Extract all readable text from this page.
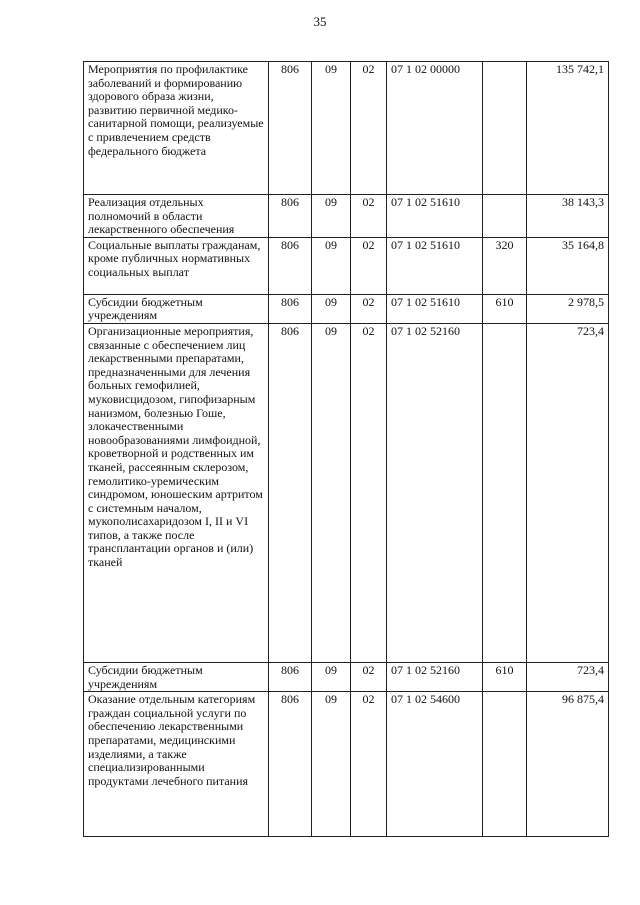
35
Мероприятия по профилактике заболеваний и формированию здорового образа жизни, развитию первичной медико-санитарной помощи, реализуемые с привлечением средств федерального бюджета	806	09	02	07 1 02 00000		135 742,1
Реализация отдельных полномочий в области лекарственного обеспечения	806	09	02	07 1 02 51610		38 143,3
Социальные выплаты гражданам, кроме публичных нормативных социальных выплат	806	09	02	07 1 02 51610	320	35 164,8
Субсидии бюджетным учреждениям	806	09	02	07 1 02 51610	610	2 978,5
Организационные мероприятия, связанные с обеспечением лиц лекарственными препаратами, предназначенными для лечения больных гемофилией, муковисцидозом, гипофизарным нанизмом, болезнью Гоше, злокачественными новообразованиями лимфоидной, кроветворной и родственных им тканей, рассеянным склерозом, гемолитико-уремическим синдромом, юношеским артритом с системным началом, мукополисахаридозом I, II и VI типов, а также после трансплантации органов и (или) тканей	806	09	02	07 1 02 52160		723,4
Субсидии бюджетным учреждениям	806	09	02	07 1 02 52160	610	723,4
Оказание отдельным категориям граждан социальной услуги по обеспечению лекарственными препаратами, медицинскими изделиями, а также специализированными продуктами лечебного питания	806	09	02	07 1 02 54600		96 875,4
